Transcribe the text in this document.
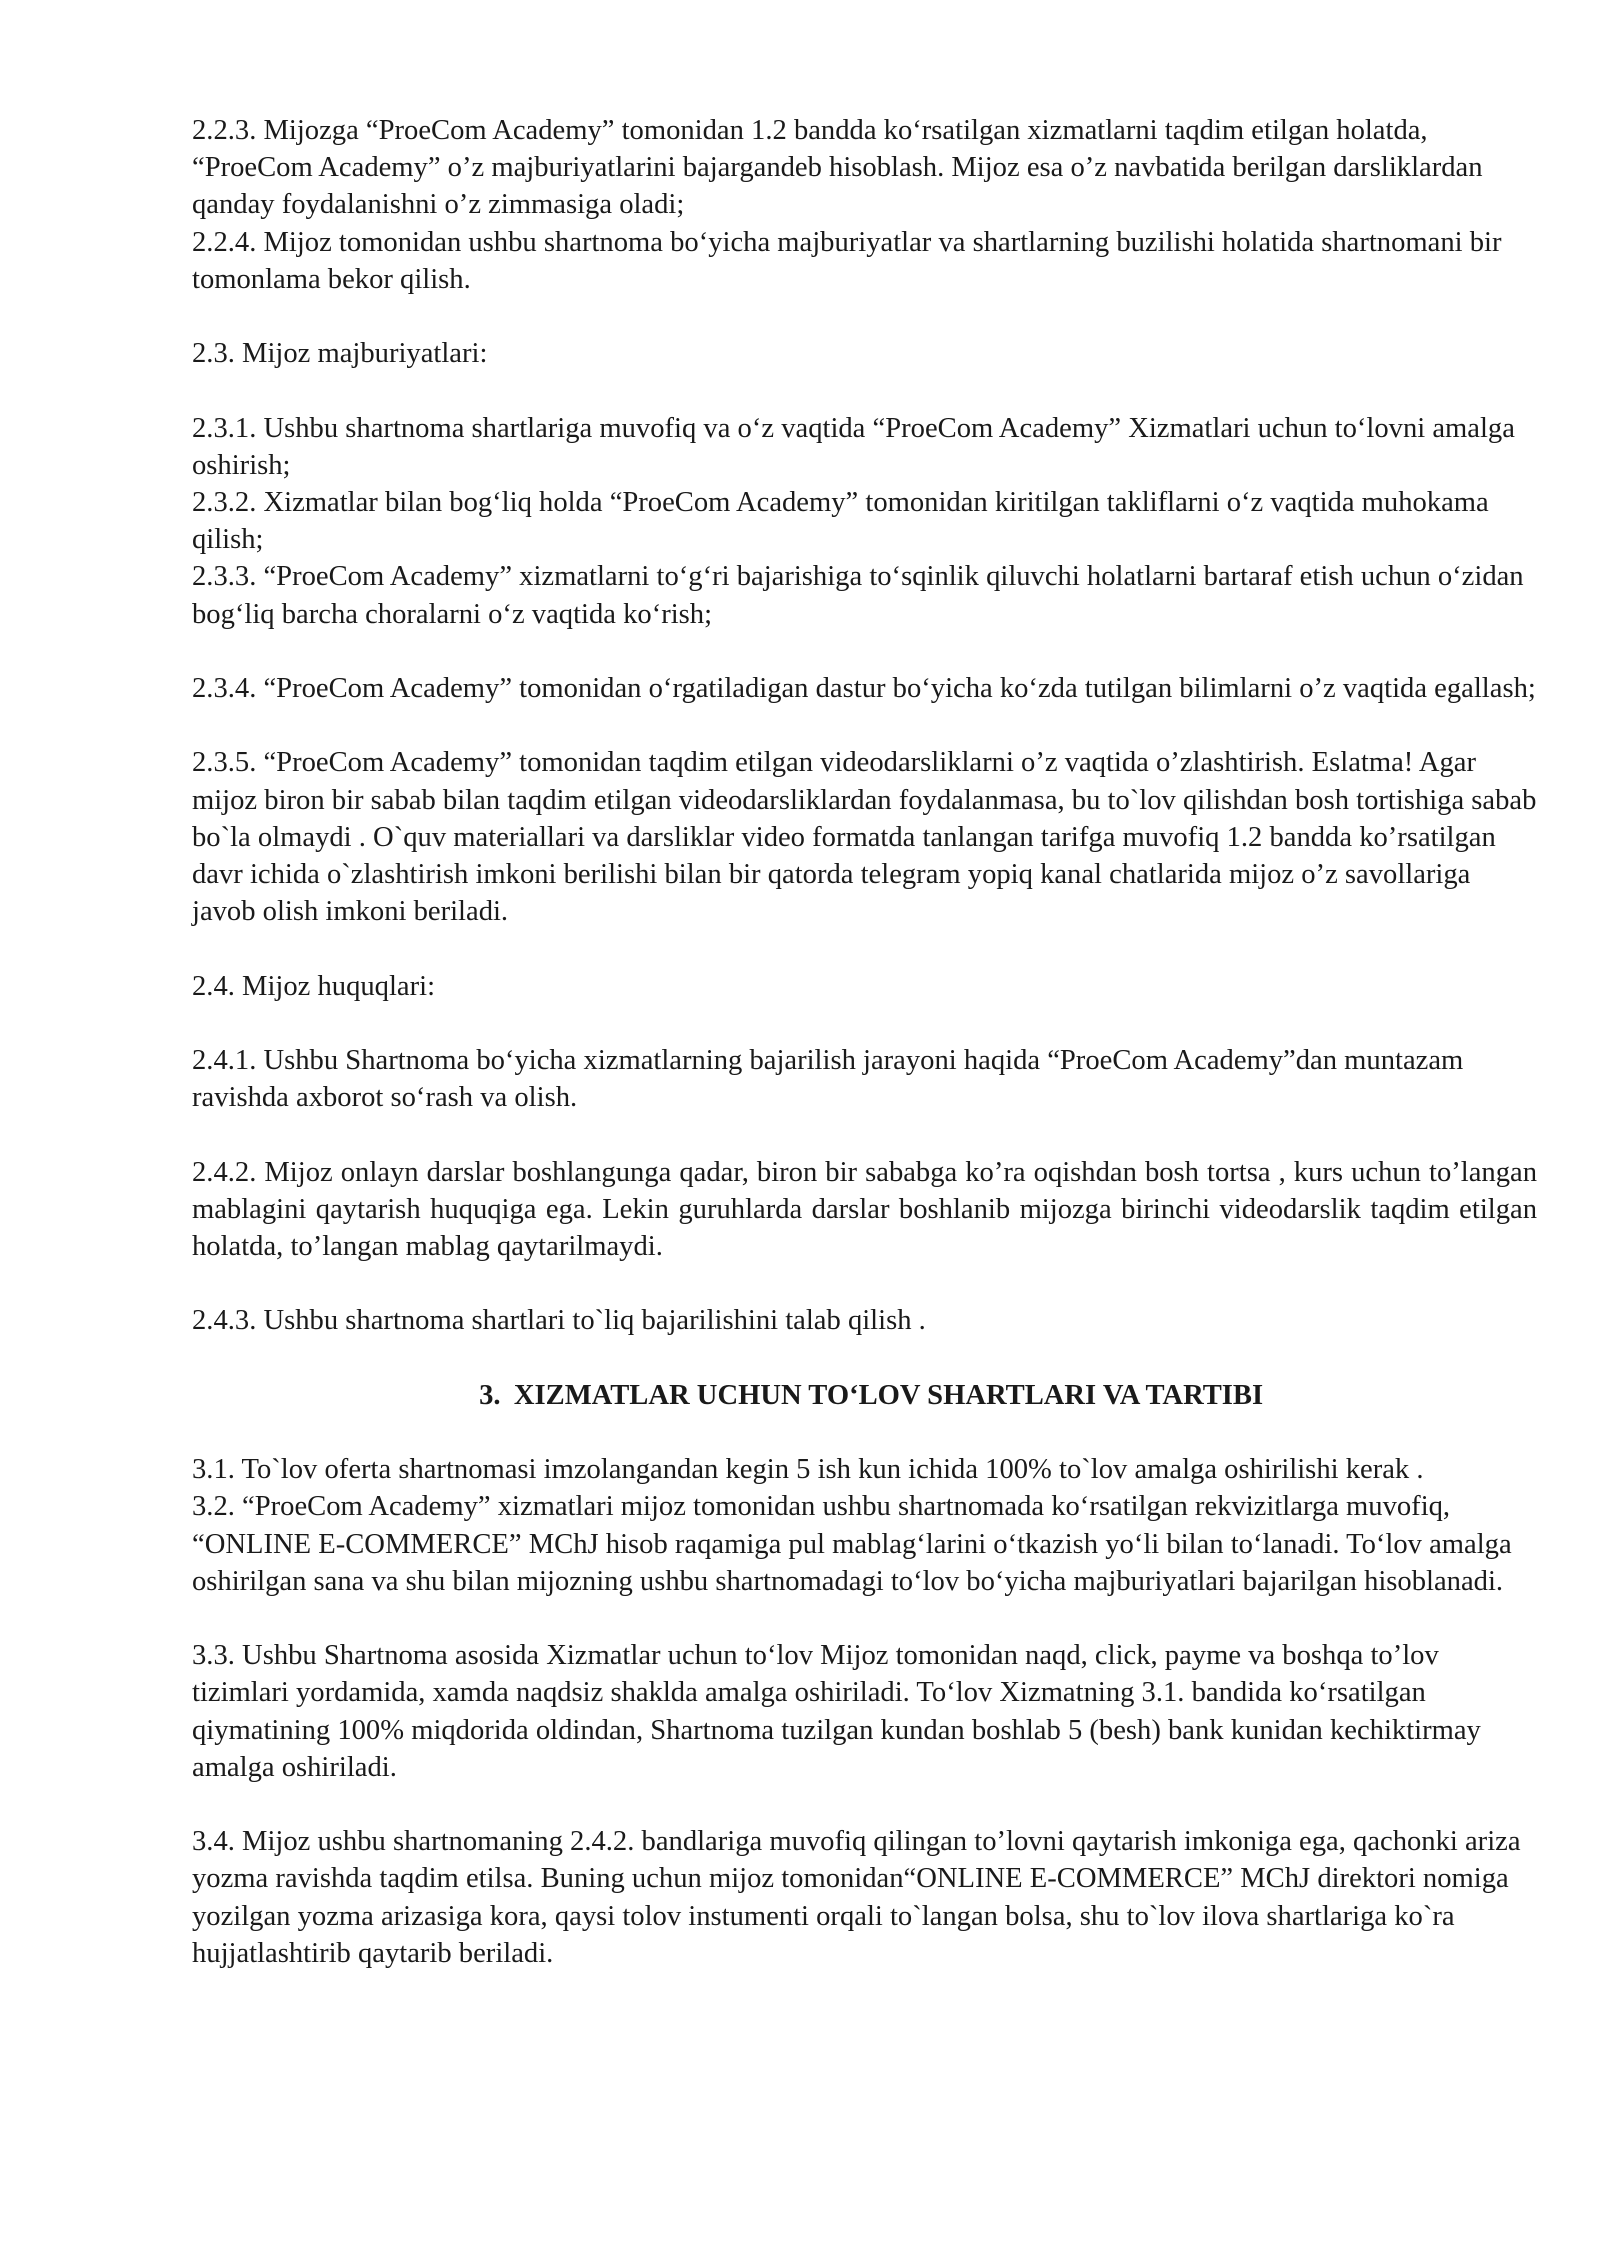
2.2.3. Mijozga “ProeCom Academy” tomonidan 1.2 bandda ko‘rsatilgan xizmatlarni taqdim etilgan holatda, “ProeCom Academy” o’z majburiyatlarini bajargandeb hisoblash. Mijoz esa o’z navbatida berilgan darsliklardan qanday foydalanishni o’z zimmasiga oladi;

2.2.4. Mijoz tomonidan ushbu shartnoma bo‘yicha majburiyatlar va shartlarning buzilishi holatida shartnomani bir tomonlama bekor qilish.

2.3. Mijoz majburiyatlari:

2.3.1. Ushbu shartnoma shartlariga muvofiq va o‘z vaqtida “ProeCom Academy” Xizmatlari uchun to‘lovni amalga oshirish;

2.3.2. Xizmatlar bilan bog‘liq holda “ProeCom Academy” tomonidan kiritilgan takliflarni o‘z vaqtida muhokama qilish;

2.3.3. “ProeCom Academy” xizmatlarni to‘g‘ri bajarishiga to‘sqinlik qiluvchi holatlarni bartaraf etish uchun o‘zidan bog‘liq barcha choralarni o‘z vaqtida ko‘rish;

2.3.4. “ProeCom Academy” tomonidan o‘rgatiladigan dastur bo‘yicha ko‘zda tutilgan bilimlarni o’z vaqtida egallash;

2.3.5. “ProeCom Academy” tomonidan taqdim etilgan videodarsliklarni o’z vaqtida o’zlashtirish. Eslatma! Agar mijoz biron bir sabab bilan taqdim etilgan videodarsliklardan foydalanmasa, bu to`lov qilishdan bosh tortishiga sabab bo`la olmaydi . O`quv materiallari va darsliklar video formatda tanlangan tarifga muvofiq 1.2 bandda ko’rsatilgan davr ichida o`zlashtirish imkoni berilishi bilan bir qatorda telegram yopiq kanal chatlarida mijoz o’z savollariga javob olish imkoni beriladi.

2.4. Mijoz huquqlari:

2.4.1. Ushbu Shartnoma bo‘yicha xizmatlarning bajarilish jarayoni haqida “ProeCom Academy”dan muntazam ravishda axborot so‘rash va olish.

2.4.2. Mijoz onlayn darslar boshlangunga qadar, biron bir sababga ko’ra oqishdan bosh tortsa , kurs uchun to’langan mablagini qaytarish huquqiga ega. Lekin guruhlarda darslar boshlanib mijozga birinchi videodarslik taqdim etilgan holatda, to’langan mablag qaytarilmaydi.

2.4.3. Ushbu shartnoma shartlari to`liq bajarilishini talab qilish .

3. XIZMATLAR UCHUN TO‘LOV SHARTLARI VA TARTIBI

3.1. To`lov oferta shartnomasi imzolangandan kegin 5 ish kun ichida 100% to`lov amalga oshirilishi kerak .

3.2. “ProeCom Academy” xizmatlari mijoz tomonidan ushbu shartnomada ko‘rsatilgan rekvizitlarga muvofiq, “ONLINE E-COMMERCE” MChJ hisob raqamiga pul mablag‘larini o‘tkazish yo‘li bilan to‘lanadi. To‘lov amalga oshirilgan sana va shu bilan mijozning ushbu shartnomadagi to‘lov bo‘yicha majburiyatlari bajarilgan hisoblanadi.

3.3. Ushbu Shartnoma asosida Xizmatlar uchun to‘lov Mijoz tomonidan naqd, click, payme va boshqa to’lov tizimlari yordamida, xamda naqdsiz shaklda amalga oshiriladi. To‘lov Xizmatning 3.1. bandida ko‘rsatilgan qiymatining 100% miqdorida oldindan, Shartnoma tuzilgan kundan boshlab 5 (besh) bank kunidan kechiktirmay amalga oshiriladi.

3.4. Mijoz ushbu shartnomaning 2.4.2. bandlariga muvofiq qilingan to’lovni qaytarish imkoniga ega, qachonki ariza yozma ravishda taqdim etilsa. Buning uchun mijoz tomonidan“ONLINE E-COMMERCE” MChJ direktori nomiga yozilgan yozma arizasiga kora, qaysi tolov instumenti orqali to`langan bolsa, shu to`lov ilova shartlariga ko`ra hujjatlashtirib qaytarib beriladi.
